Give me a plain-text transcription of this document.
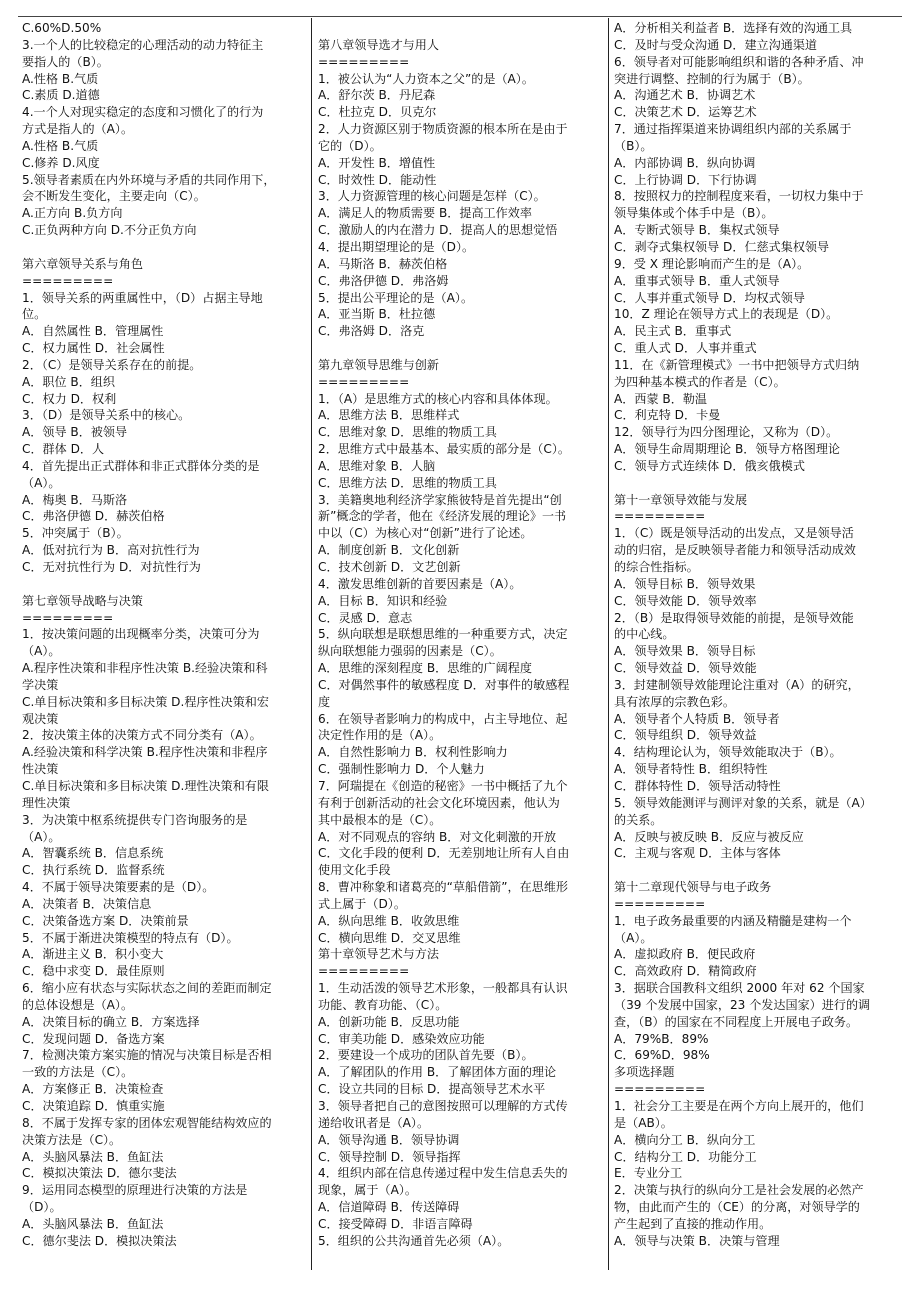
C.60%D.50%
3.一个人的比较稳定的心理活动的动力特征主
要指人的（B）。
A.性格 B.气质
C.素质 D.道德
4.一个人对现实稳定的态度和习惯化了的行为
方式是指人的（A）。
A.性格 B.气质
C.修养 D.风度
5.领导者素质在内外环境与矛盾的共同作用下，
会不断发生变化，主要走向（C）。
A.正方向 B.负方向
C.正负两种方向 D.不分正负方向
第六章领导关系与角色
=========
1．领导关系的两重属性中，（D）占据主导地
位。
A．自然属性 B．管理属性
C．权力属性 D．社会属性
2．（C）是领导关系存在的前提。
A．职位 B．组织
C．权力 D．权利
3．（D）是领导关系中的核心。
A．领导 B．被领导
C．群体 D．人
4．首先提出正式群体和非正式群体分类的是
（A）。
A．梅奥 B．马斯洛
C．弗洛伊德 D．赫茨伯格
5．冲突属于（B）。
A．低对抗行为 B．高对抗性行为
C．无对抗性行为 D．对抗性行为
第七章领导战略与决策
=========
1．按决策问题的出现概率分类，决策可分为
（A）。
A.程序性决策和非程序性决策 B.经验决策和科
学决策
C.单目标决策和多目标决策 D.程序性决策和宏
观决策
2．按决策主体的决策方式不同分类有（A）。
A.经验决策和科学决策 B.程序性决策和非程序
性决策
C.单目标决策和多目标决策 D.理性决策和有限
理性决策
3．为决策中枢系统提供专门咨询服务的是
（A）。
A．智囊系统 B．信息系统
C．执行系统 D．监督系统
4．不属于领导决策要素的是（D）。
A．决策者 B．决策信息
C．决策备选方案 D．决策前景
5．不属于渐进决策模型的特点有（D）。
A．渐进主义 B．积小变大
C．稳中求变 D．最佳原则
6．缩小应有状态与实际状态之间的差距而制定
的总体设想是（A）。
A．决策目标的确立 B．方案选择
C．发现问题 D．备选方案
7．检测决策方案实施的情况与决策目标是否相
一致的方法是（C）。
A．方案修正 B．决策检查
C．决策追踪 D．慎重实施
8．不属于发挥专家的团体宏观智能结构效应的
决策方法是（C）。
A．头脑风暴法 B．鱼缸法
C．模拟决策法 D．德尔斐法
9．运用同态模型的原理进行决策的方法是
（D）。
A．头脑风暴法 B．鱼缸法
C．德尔斐法 D．模拟决策法
第八章领导选才与用人
=========
1．被公认为“人力资本之父”的是（A）。
A．舒尔茨 B．丹尼森
C．杜拉克 D．贝克尔
2．人力资源区别于物质资源的根本所在是由于
它的（D）。
A．开发性 B．增值性
C．时效性 D．能动性
3．人力资源管理的核心问题是怎样（C）。
A．满足人的物质需要 B．提高工作效率
C．激励人的内在潜力 D．提高人的思想觉悟
4．提出期望理论的是（D）。
A．马斯洛 B．赫茨伯格
C．弗洛伊德 D．弗洛姆
5．提出公平理论的是（A）。
A．亚当斯 B．杜拉德
C．弗洛姆 D．洛克
第九章领导思维与创新
=========
1．（A）是思维方式的核心内容和具体体现。
A．思维方法 B．思维样式
C．思维对象 D．思维的物质工具
2．思维方式中最基本、最实质的部分是（C）。
A．思维对象 B．人脑
C．思维方法 D．思维的物质工具
3．美籍奥地利经济学家熊彼特是首先提出“创
新”概念的学者，他在《经济发展的理论》一书
中以（C）为核心对“创新”进行了论述。
A．制度创新 B．文化创新
C．技术创新 D．文艺创新
4．激发思维创新的首要因素是（A）。
A．目标 B．知识和经验
C．灵感 D．意志
5．纵向联想是联想思维的一种重要方式，决定
纵向联想能力强弱的因素是（C）。
A．思维的深刻程度 B．思维的广阔程度
C．对偶然事件的敏感程度 D．对事件的敏感程
度
6．在领导者影响力的构成中，占主导地位、起
决定性作用的是（A）。
A．自然性影响力 B．权利性影响力
C．强制性影响力 D．个人魅力
7．阿瑞提在《创造的秘密》一书中概括了九个
有利于创新活动的社会文化环境因素，他认为
其中最根本的是（C）。
A．对不同观点的容纳 B．对文化刺激的开放
C．文化手段的便利 D．无差别地让所有人自由
使用文化手段
8．曹冲称象和诸葛亮的“草船借箭”，在思维形
式上属于（D）。
A．纵向思维 B．收敛思维
C．横向思维 D．交叉思维
第十章领导艺术与方法
=========
1．生动活泼的领导艺术形象，一般都具有认识
功能、教育功能、（C）。
A．创新功能 B．反思功能
C．审美功能 D．感染效应功能
2．要建设一个成功的团队首先要（B）。
A．了解团队的作用 B．了解团体方面的理论
C．设立共同的目标 D．提高领导艺术水平
3．领导者把自己的意图按照可以理解的方式传
递给收讯者是（A）。
A．领导沟通 B．领导协调
C．领导控制 D．领导指挥
4．组织内部在信息传递过程中发生信息丢失的
现象，属于（A）。
A．信道障碍 B．传送障碍
C．接受障碍 D．非语言障碍
5．组织的公共沟通首先必须（A）。
A．分析相关利益者 B．选择有效的沟通工具
C．及时与受众沟通 D．建立沟通渠道
6．领导者对可能影响组织和谐的各种矛盾、冲
突进行调整、控制的行为属于（B）。
A．沟通艺术 B．协调艺术
C．决策艺术 D．运筹艺术
7．通过指挥渠道来协调组织内部的关系属于
（B）。
A．内部协调 B．纵向协调
C．上行协调 D．下行协调
8．按照权力的控制程度来看，一切权力集中于
领导集体或个体手中是（B）。
A．专断式领导 B．集权式领导
C．剥夺式集权领导 D．仁慈式集权领导
9．受 X 理论影响而产生的是（A）。
A．重事式领导 B．重人式领导
C．人事并重式领导 D．均权式领导
10．Z 理论在领导方式上的表现是（D）。
A．民主式 B．重事式
C．重人式 D．人事并重式
11．在《新管理模式》一书中把领导方式归纳
为四种基本模式的作者是（C）。
A．西蒙 B．勒温
C．利克特 D．卡曼
12．领导行为四分图理论，又称为（D）。
A．领导生命周期理论 B．领导方格图理论
C．领导方式连续体 D．俄亥俄模式
第十一章领导效能与发展
=========
1．（C）既是领导活动的出发点，又是领导活
动的归宿，是反映领导者能力和领导活动成效
的综合性指标。
A．领导目标 B．领导效果
C．领导效能 D．领导效率
2．（B）是取得领导效能的前提，是领导效能
的中心线。
A．领导效果 B．领导目标
C．领导效益 D．领导效能
3．封建制领导效能理论注重对（A）的研究，
具有浓厚的宗教色彩。
A．领导者个人特质 B．领导者
C．领导组织 D．领导效益
4．结构理论认为，领导效能取决于（B）。
A．领导者特性 B．组织特性
C．群体特性 D．领导活动特性
5．领导效能测评与测评对象的关系，就是（A）
的关系。
A．反映与被反映 B．反应与被反应
C．主观与客观 D．主体与客体
第十二章现代领导与电子政务
=========
1．电子政务最重要的内涵及精髓是建构一个
（A）。
A．虚拟政府 B．便民政府
C．高效政府 D．精简政府
3．据联合国教科文组织 2000 年对 62 个国家
（39 个发展中国家，23 个发达国家）进行的调
查，（B）的国家在不同程度上开展电子政务。
A．79%B．89%
C．69%D．98%
多项选择题
=========
1．社会分工主要是在两个方向上展开的，他们
是（AB）。
A．横向分工 B．纵向分工
C．结构分工 D．功能分工
E．专业分工
2．决策与执行的纵向分工是社会发展的必然产
物，由此而产生的（CE）的分离，对领导学的
产生起到了直接的推动作用。
A．领导与决策 B．决策与管理
